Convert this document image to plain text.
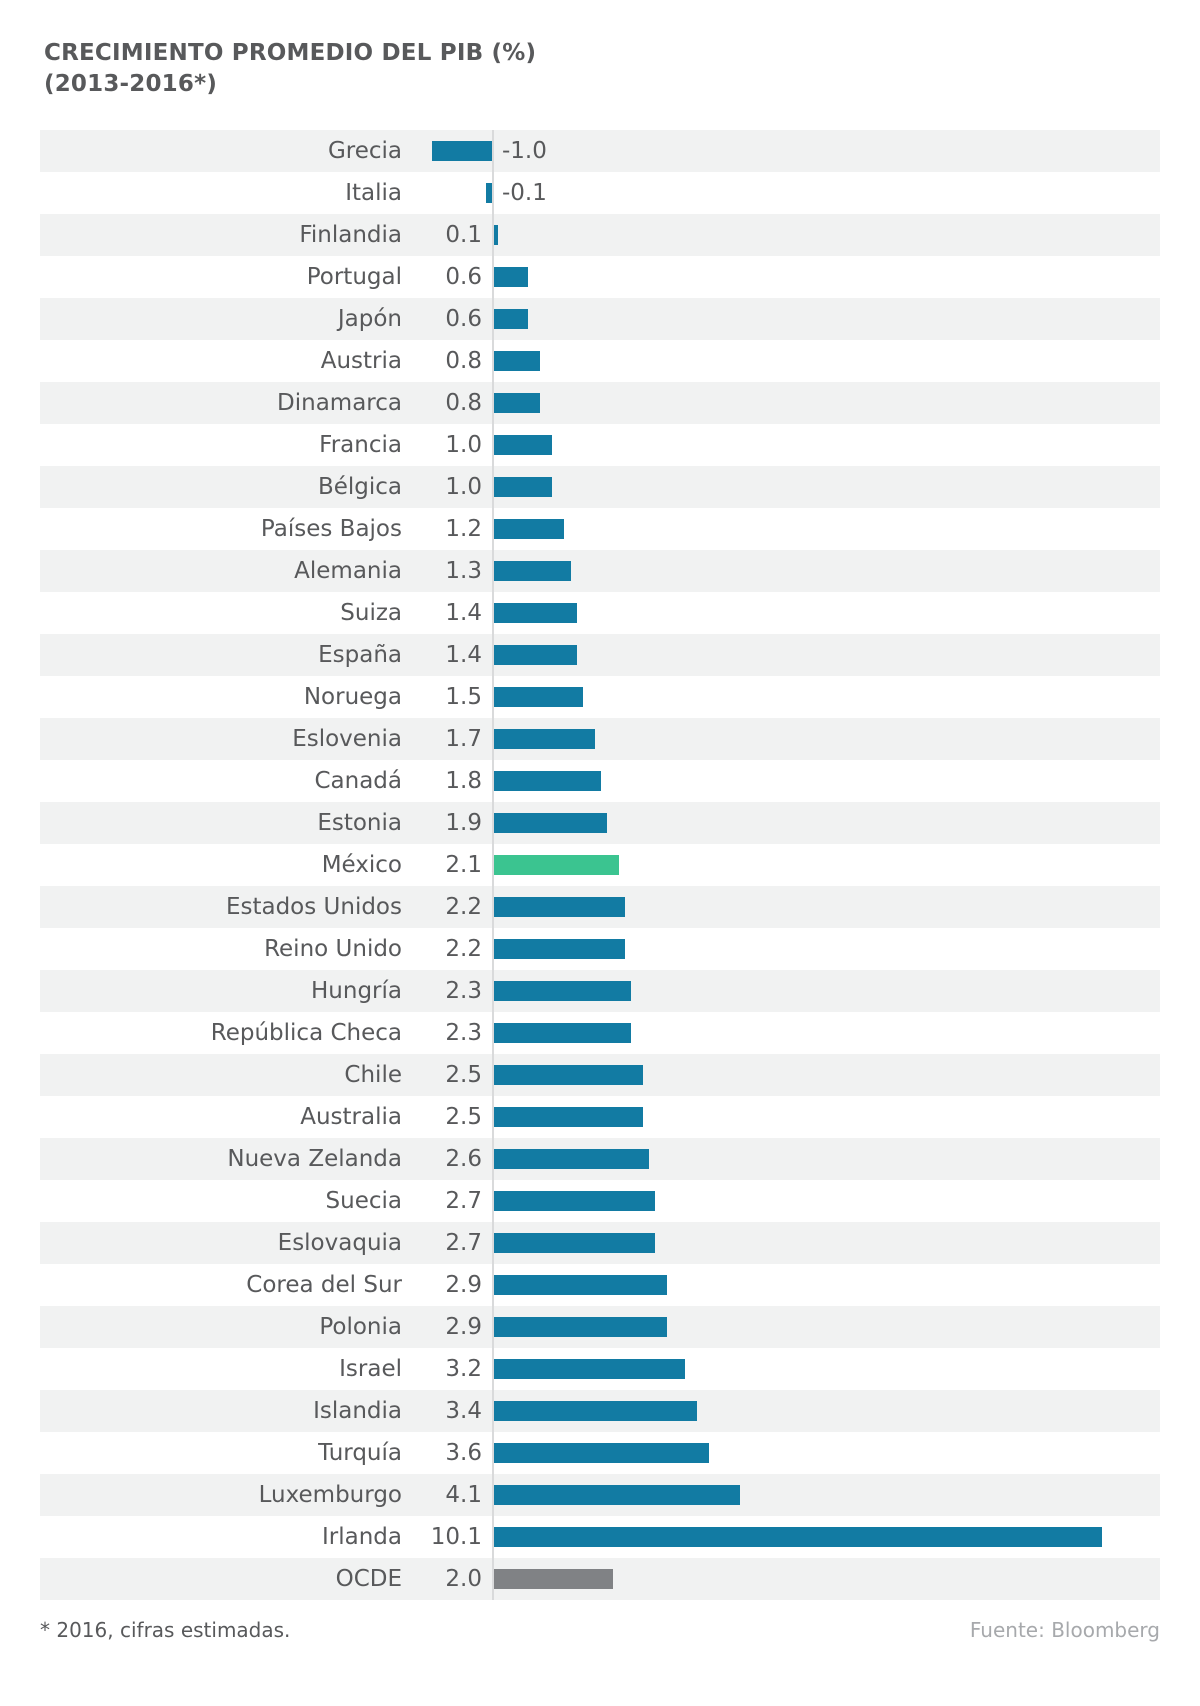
CRECIMIENTO PROMEDIO DEL PIB (%)
(2013-2016*)
Grecia	-1.0
Italia	-0.1
Finlandia	0.1
Portugal	0.6
Japón	0.6
Austria	0.8
Dinamarca	0.8
Francia	1.0
Bélgica	1.0
Países Bajos	1.2
Alemania	1.3
Suiza	1.4
España	1.4
Noruega	1.5
Eslovenia	1.7
Canadá	1.8
Estonia	1.9
México	2.1
Estados Unidos	2.2
Reino Unido	2.2
Hungría	2.3
República Checa	2.3
Chile	2.5
Australia	2.5
Nueva Zelanda	2.6
Suecia	2.7
Eslovaquia	2.7
Corea del Sur	2.9
Polonia	2.9
Israel	3.2
Islandia	3.4
Turquía	3.6
Luxemburgo	4.1
Irlanda	10.1
OCDE	2.0
* 2016, cifras estimadas.	Fuente: Bloomberg
